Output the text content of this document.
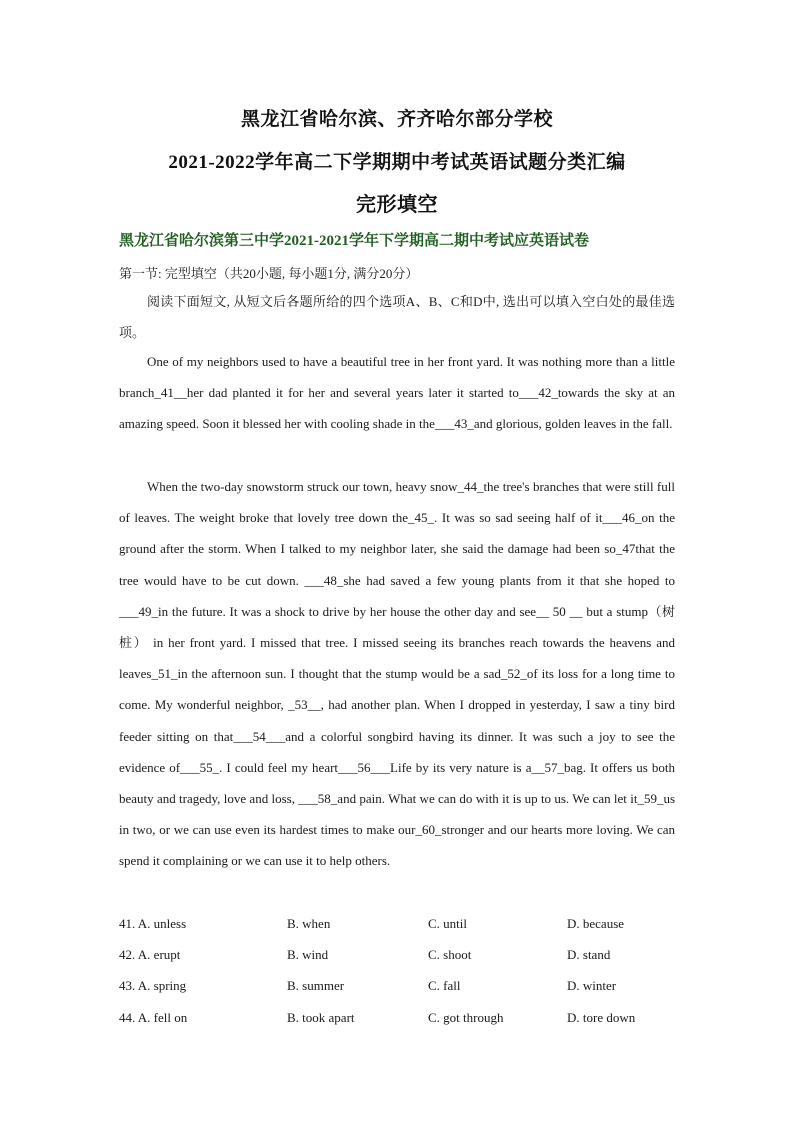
黑龙江省哈尔滨、齐齐哈尔部分学校
2021-2022学年高二下学期期中考试英语试题分类汇编
完形填空
黑龙江省哈尔滨第三中学2021-2021学年下学期高二期中考试应英语试卷
第一节: 完型填空（共20小题, 每小题1分, 满分20分）

阅读下面短文, 从短文后各题所给的四个选项A、B、C和D中, 选出可以填入空白处的最佳选项。

One of my neighbors used to have a beautiful tree in her front yard. It was nothing more than a little branch_41__her dad planted it for her and several years later it started to___42_towards the sky at an amazing speed. Soon it blessed her with cooling shade in the___43_and glorious, golden leaves in the fall.

When the two-day snowstorm struck our town, heavy snow_44_the tree's branches that were still full of leaves. The weight broke that lovely tree down the_45_. It was so sad seeing half of it___46_on the ground after the storm. When I talked to my neighbor later, she said the damage had been so_47that the tree would have to be cut down. ___48_she had saved a few young plants from it that she hoped to ___49_in the future. It was a shock to drive by her house the other day and see__ 50 __ but a stump（树桩） in her front yard. I missed that tree. I missed seeing its branches reach towards the heavens and leaves_51_in the afternoon sun. I thought that the stump would be a sad_52_of its loss for a long time to come. My wonderful neighbor, _53__, had another plan. When I dropped in yesterday, I saw a tiny bird feeder sitting on that___54___and a colorful songbird having its dinner. It was such a joy to see the evidence of___55_. I could feel my heart___56___Life by its very nature is a__57_bag. It offers us both beauty and tragedy, love and loss, ___58_and pain. What we can do with it is up to us. We can let it_59_us in two, or we can use even its hardest times to make our_60_stronger and our hearts more loving. We can spend it complaining or we can use it to help others.

41. A. unless	B. when	C. until	D. because
42. A. erupt	B. wind	C. shoot	D. stand
43. A. spring	B. summer	C. fall	D. winter
44. A. fell on	B. took apart	C. got through	D. tore down
